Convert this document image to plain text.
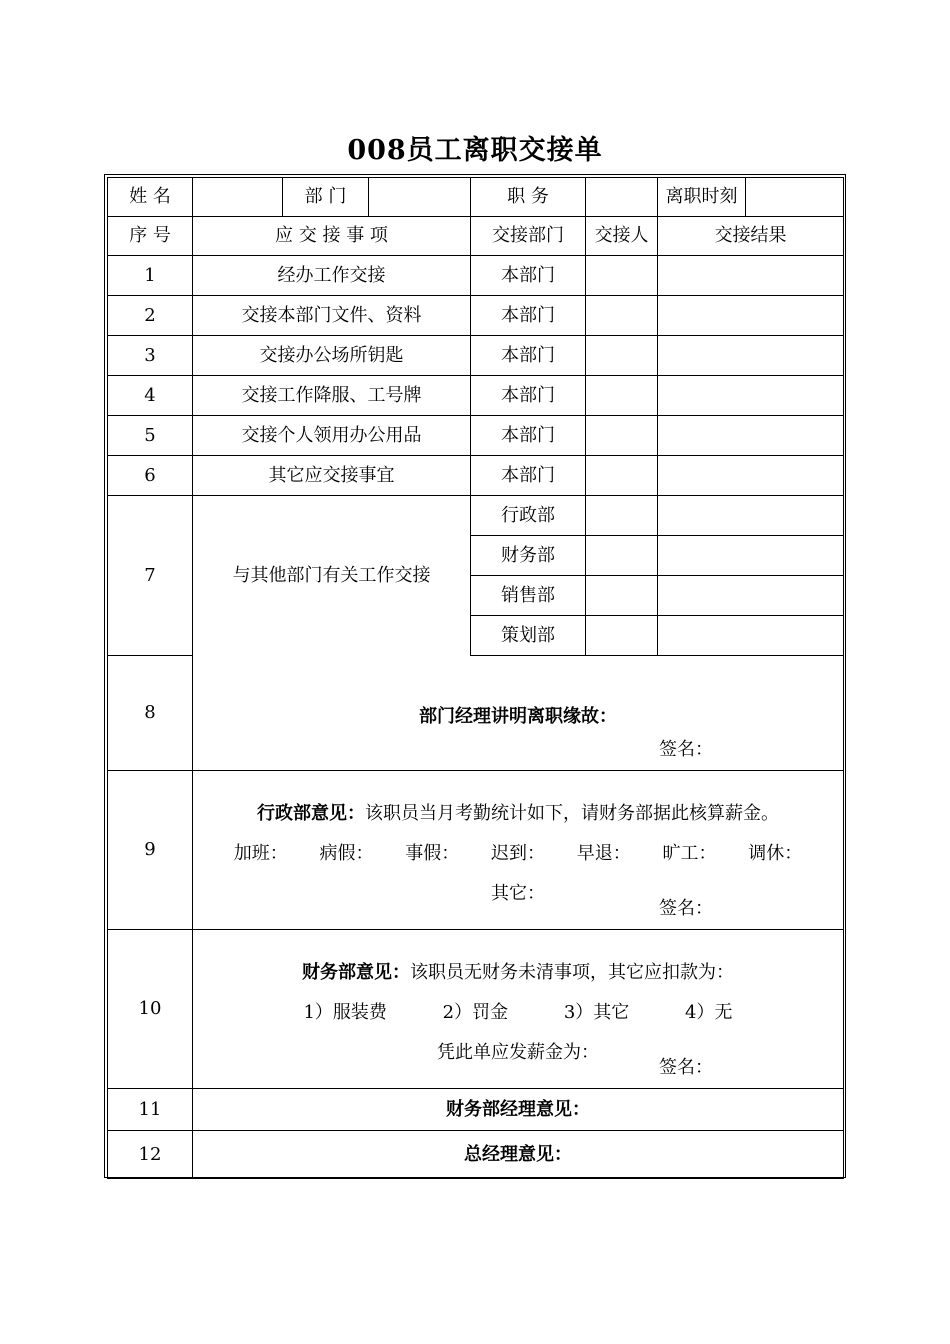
008员工离职交接单
姓 名		部 门		职 务		离职时刻	
序 号	应 交 接 事 项			交接部门	交接人	交接结果	
1	经办工作交接			本部门			
2	交接本部门文件、资料			本部门			
3	交接办公场所钥匙			本部门			
4	交接工作降服、工号牌			本部门			
5	交接个人领用办公用品			本部门			
6	其它应交接事宜			本部门			
7	与其他部门有关工作交接			行政部			
				财务部			
				销售部			
				策划部			
8	部门经理讲明离职缘故：
签名：						

9	行政部意见：该职员当月考勤统计如下，请财务部据此核算薪金。
加班： 病假： 事假： 迟到： 早退： 旷工： 调休：
其它：
签名：						

10	财务部意见：该职员无财务未清事项，其它应扣款为：
1）服装费 2）罚金 3）其它 4）无
凭此单应发薪金为：
签名：						

11	财务部经理意见：						
12	总经理意见：						
